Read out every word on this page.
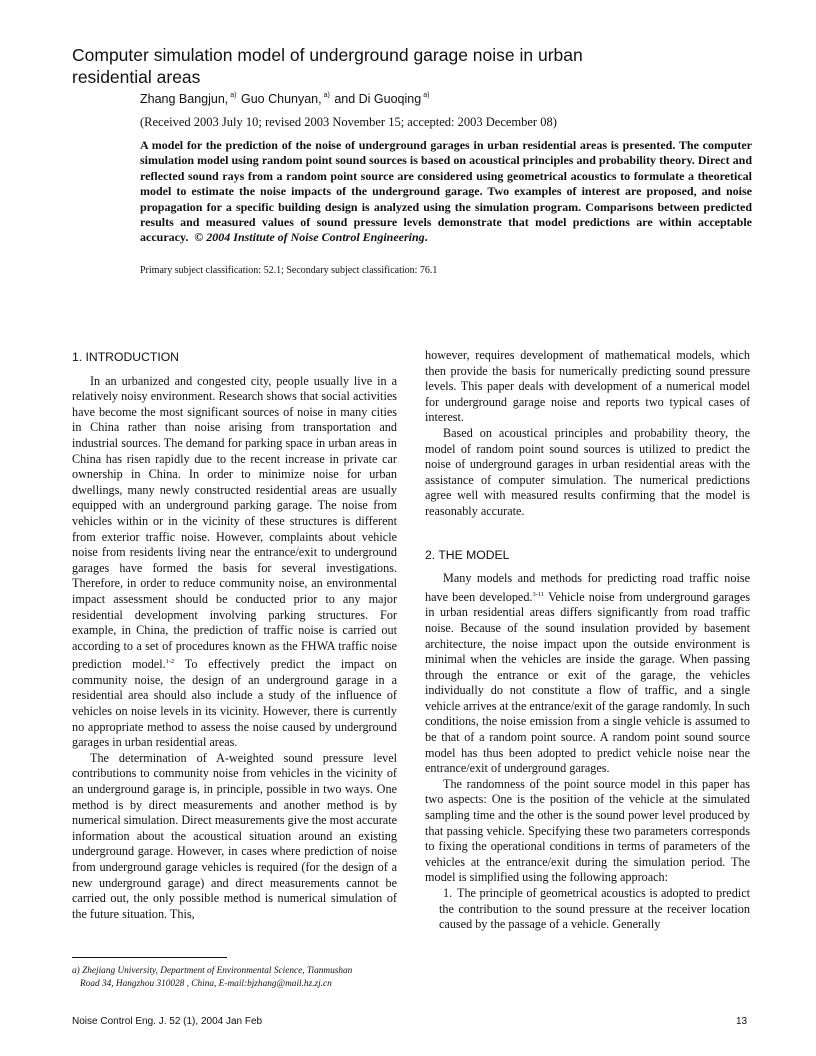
Computer simulation model of underground garage noise in urban residential areas
Zhang Bangjun, $^{a)}$ Guo Chunyan, $^{a)}$ and Di Guoqing $^{a)}$
(Received 2003 July 10; revised 2003 November 15; accepted: 2003 December 08)

A model for the prediction of the noise of underground garages in urban residential areas is presented. The computer simulation model using random point sound sources is based on acoustical principles and probability theory. Direct and reflected sound rays from a random point source are considered using geometrical acoustics to formulate a theoretical model to estimate the noise impacts of the underground garage. Two examples of interest are proposed, and noise propagation for a specific building design is analyzed using the simulation program. Comparisons between predicted results and measured values of sound pressure levels demonstrate that model predictions are within acceptable accuracy. © 2004 Institute of Noise Control Engineering.

Primary subject classification: 52.1; Secondary subject classification: 76.1
1. INTRODUCTION

In an urbanized and congested city, people usually live in a relatively noisy environment. Research shows that social activities have become the most significant sources of noise in many cities in China rather than noise arising from transportation and industrial sources. The demand for parking space in urban areas in China has risen rapidly due to the recent increase in private car ownership in China. In order to minimize noise for urban dwellings, many newly constructed residential areas are usually equipped with an underground parking garage. The noise from vehicles within or in the vicinity of these structures is different from exterior traffic noise. However, complaints about vehicle noise from residents living near the entrance/exit to underground garages have formed the basis for several investigations. Therefore, in order to reduce community noise, an environmental impact assessment should be conducted prior to any major residential development involving parking structures. For example, in China, the prediction of traffic noise is carried out according to a set of procedures known as the FHWA traffic noise prediction model.$^{1-2}$ To effectively predict the impact on community noise, the design of an underground garage in a residential area should also include a study of the influence of vehicles on noise levels in its vicinity. However, there is currently no appropriate method to assess the noise caused by underground garages in urban residential areas.

The determination of A-weighted sound pressure level contributions to community noise from vehicles in the vicinity of an underground garage is, in principle, possible in two ways. One method is by direct measurements and another method is by numerical simulation. Direct measurements give the most accurate information about the acoustical situation around an existing underground garage. However, in cases where prediction of noise from underground garage vehicles is required (for the design of a new underground garage) and direct measurements cannot be carried out, the only possible method is numerical simulation of the future situation. This,

however, requires development of mathematical models, which then provide the basis for numerically predicting sound pressure levels. This paper deals with development of a numerical model for underground garage noise and reports two typical cases of interest.

Based on acoustical principles and probability theory, the model of random point sound sources is utilized to predict the noise of underground garages in urban residential areas with the assistance of computer simulation. The numerical predictions agree well with measured results confirming that the model is reasonably accurate.

2. THE MODEL

Many models and methods for predicting road traffic noise have been developed.$^{3-11}$ Vehicle noise from underground garages in urban residential areas differs significantly from road traffic noise. Because of the sound insulation provided by basement architecture, the noise impact upon the outside environment is minimal when the vehicles are inside the garage. When passing through the entrance or exit of the garage, the vehicles individually do not constitute a flow of traffic, and a single vehicle arrives at the entrance/exit of the garage randomly. In such conditions, the noise emission from a single vehicle is assumed to be that of a random point source. A random point sound source model has thus been adopted to predict vehicle noise near the entrance/exit of underground garages.

The randomness of the point source model in this paper has two aspects: One is the position of the vehicle at the simulated sampling time and the other is the sound power level produced by that passing vehicle. Specifying these two parameters corresponds to fixing the operational conditions in terms of parameters of the vehicles at the entrance/exit during the simulation period. The model is simplified using the following approach:

1. The principle of geometrical acoustics is adopted to predict the contribution to the sound pressure at the receiver location caused by the passage of a vehicle. Generally

a) Zhejiang University, Department of Environmental Science, Tianmushan
Road 34, Hangzhou 310028 , China, E-mail:bjzhang@mail.hz.zj.cn
Noise Control Eng. J. 52 (1), 2004 Jan Feb	13
